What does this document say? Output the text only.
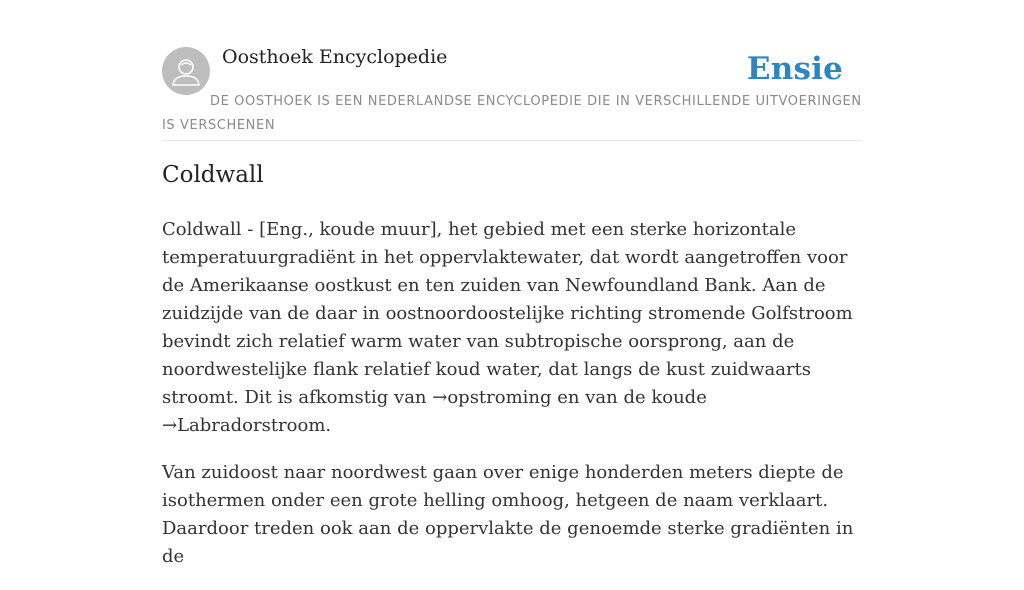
Oosthoek Encyclopedie	Ensie
DE OOSTHOEK IS EEN NEDERLANDSE ENCYCLOPEDIE DIE IN VERSCHILLENDE UITVOERINGEN IS VERSCHENEN
Coldwall

Coldwall - [Eng., koude muur], het gebied met een sterke horizontale temperatuurgradiënt in het oppervlaktewater, dat wordt aangetroffen voor de Amerikaanse oostkust en ten zuiden van Newfoundland Bank. Aan de zuidzijde van de daar in oostnoordoostelijke richting stromende Golfstroom bevindt zich relatief warm water van subtropische oorsprong, aan de noordwestelijke flank relatief koud water, dat langs de kust zuidwaarts stroomt. Dit is afkomstig van →opstroming en van de koude →Labradorstroom.

Van zuidoost naar noordwest gaan over enige honderden meters diepte de isothermen onder een grote helling omhoog, hetgeen de naam verklaart. Daardoor treden ook aan de oppervlakte de genoemde sterke gradiënten in de
